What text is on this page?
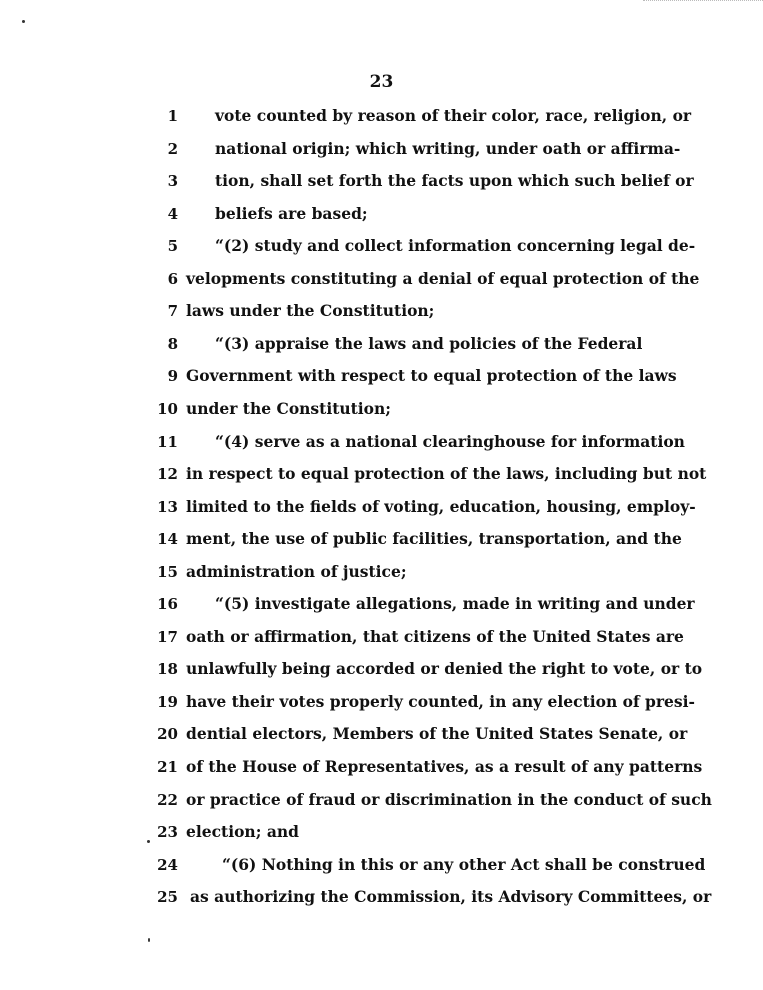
23
1 vote counted by reason of their color, race, religion, or
2 national origin; which writing, under oath or affirma-
3 tion, shall set forth the facts upon which such belief or
4 beliefs are based;
5 “(2) study and collect information concerning legal de-
6 velopments constituting a denial of equal protection of the
7 laws under the Constitution;
8 “(3) appraise the laws and policies of the Federal
9 Government with respect to equal protection of the laws
10 under the Constitution;
11 “(4) serve as a national clearinghouse for information
12 in respect to equal protection of the laws, including but not
13 limited to the fields of voting, education, housing, employ-
14 ment, the use of public facilities, transportation, and the
15 administration of justice;
16 “(5) investigate allegations, made in writing and under
17 oath or affirmation, that citizens of the United States are
18 unlawfully being accorded or denied the right to vote, or to
19 have their votes properly counted, in any election of presi-
20 dential electors, Members of the United States Senate, or
21 of the House of Representatives, as a result of any patterns
22 or practice of fraud or discrimination in the conduct of such
23 election; and
24	“(6) Nothing in this or any other Act shall be construed
25 as authorizing the Commission, its Advisory Committees, or
